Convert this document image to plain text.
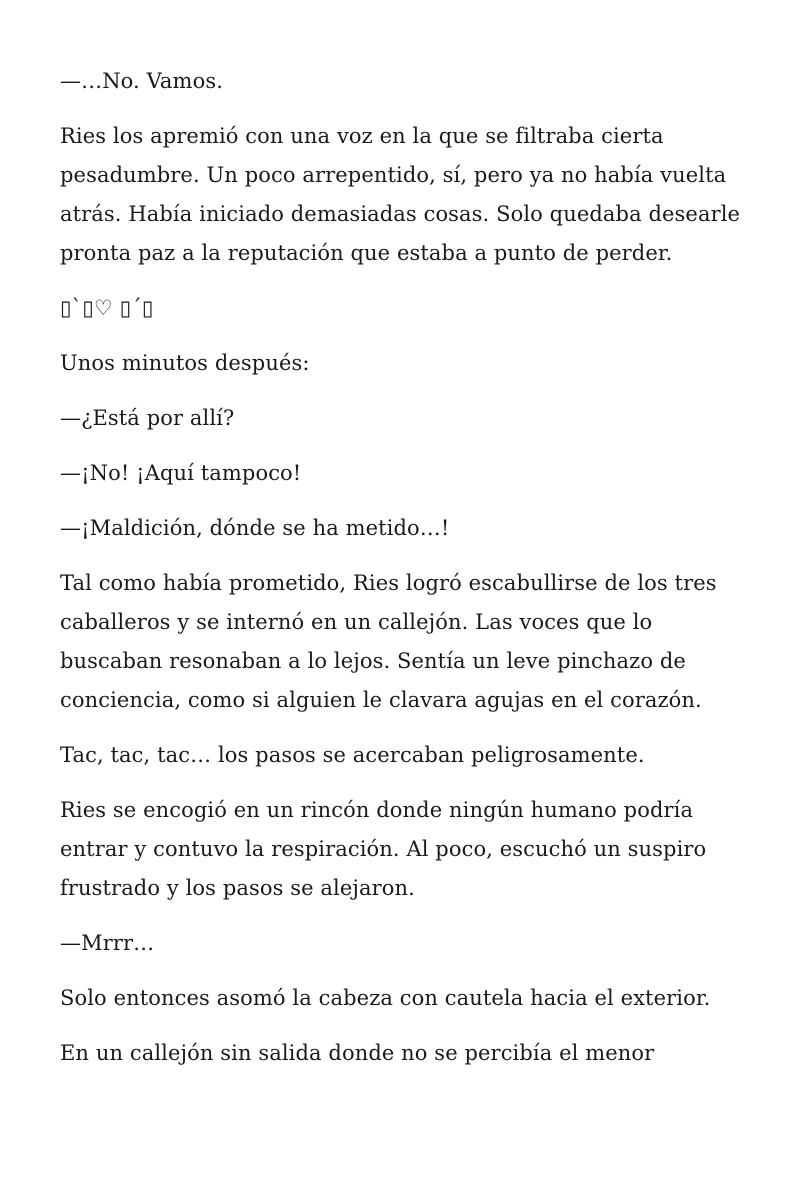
—…No. Vamos.

Ries los apremió con una voz en la que se filtraba cierta pesadumbre. Un poco arrepentido, sí, pero ya no había vuelta atrás. Había iniciado demasiadas cosas. Solo quedaba desearle pronta paz a la reputación que estaba a punto de perder.

▯`▯♡ ▯´▯

Unos minutos después:

—¿Está por allí?

—¡No! ¡Aquí tampoco!

—¡Maldición, dónde se ha metido…!

Tal como había prometido, Ries logró escabullirse de los tres caballeros y se internó en un callejón. Las voces que lo buscaban resonaban a lo lejos. Sentía un leve pinchazo de conciencia, como si alguien le clavara agujas en el corazón.

Tac, tac, tac… los pasos se acercaban peligrosamente.

Ries se encogió en un rincón donde ningún humano podría entrar y contuvo la respiración. Al poco, escuchó un suspiro frustrado y los pasos se alejaron.

—Mrrr…

Solo entonces asomó la cabeza con cautela hacia el exterior.

En un callejón sin salida donde no se percibía el menor
